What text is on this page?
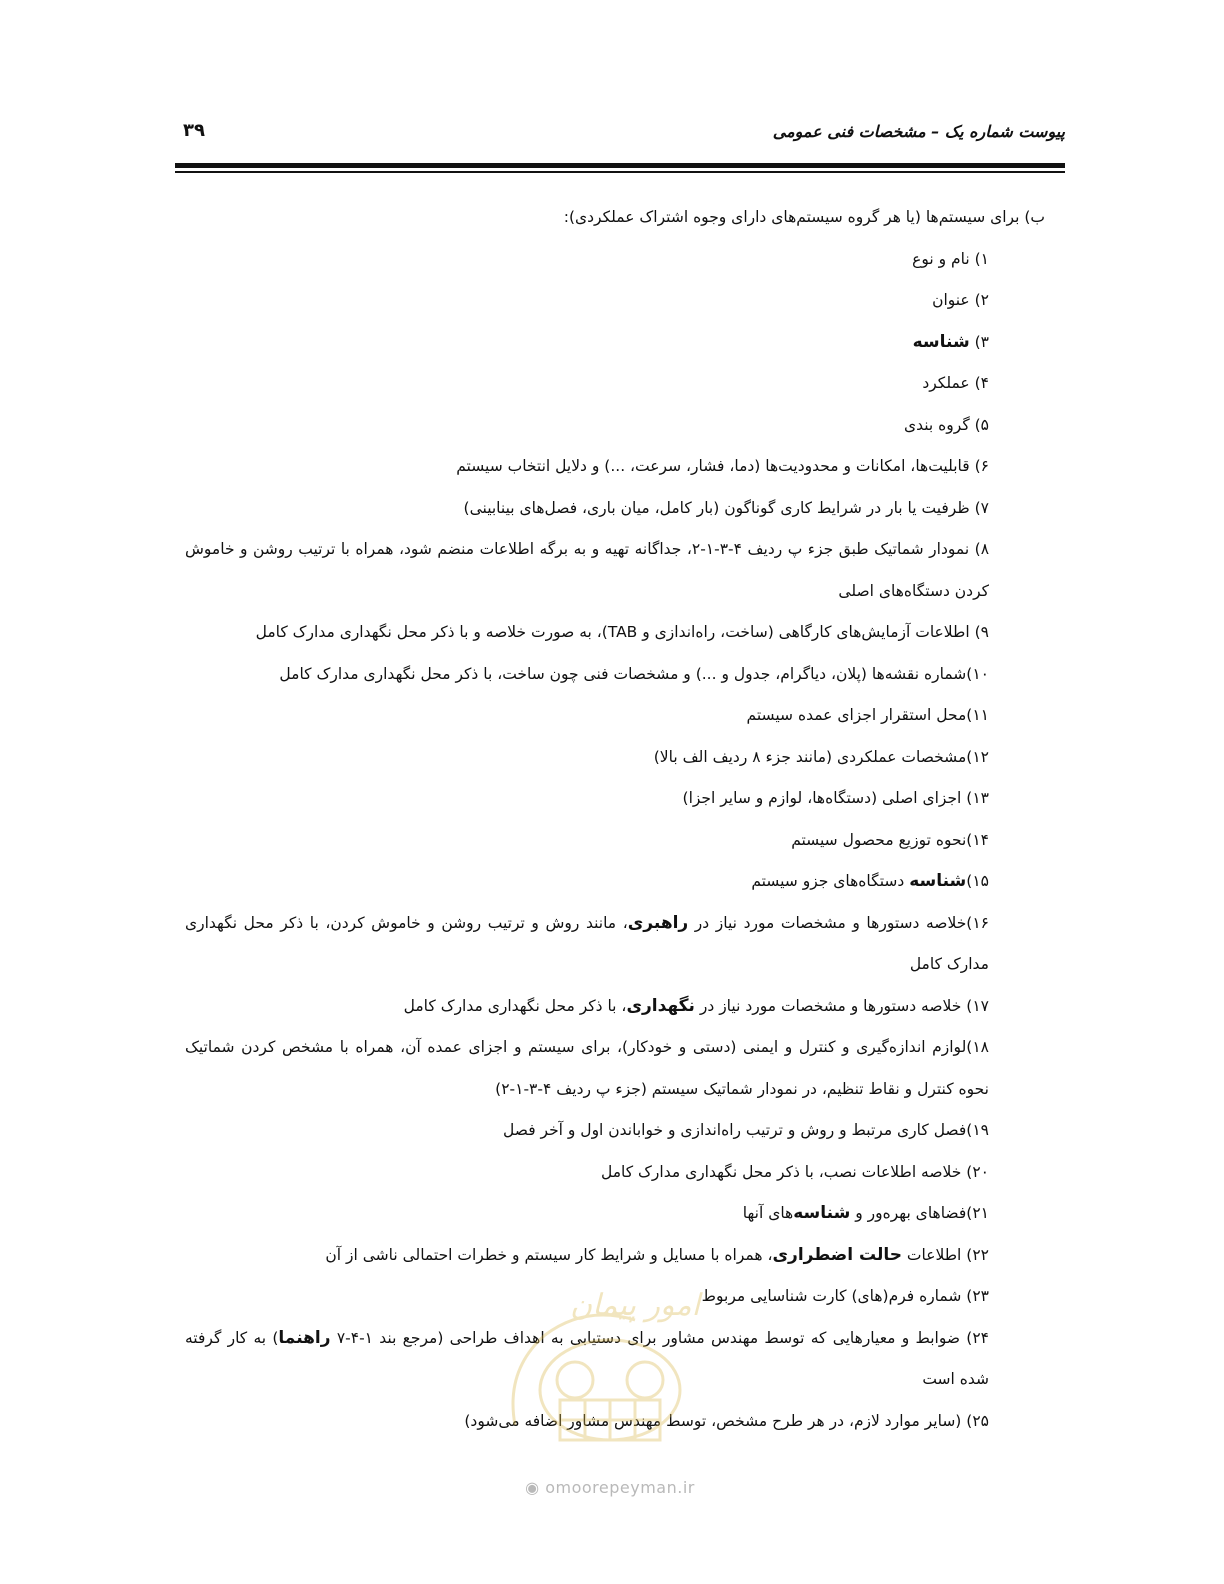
پیوست شماره یک – مشخصات فنی عمومی
۳۹

ب) برای سیستم‌ها (یا هر گروه سیستم‌های دارای وجوه اشتراک عملکردی):

۱) نام و نوع

۲) عنوان

۳) شناسه

۴) عملکرد

۵) گروه بندی

۶) قابلیت‌ها، امکانات و محدودیت‌ها (دما، فشار، سرعت، ...) و دلایل انتخاب سیستم

۷) ظرفیت یا بار در شرایط کاری گوناگون (بار کامل، میان باری، فصل‌های بینابینی)

۸) نمودار شماتیک طبق جزء پ ردیف ۴-۳-۱-۲، جداگانه تهیه و به برگه اطلاعات منضم شود، همراه با ترتیب روشن و خاموش کردن دستگاه‌های اصلی

۹) اطلاعات آزمایش‌های کارگاهی (ساخت، راه‌اندازی و TAB)، به صورت خلاصه و با ذکر محل نگهداری مدارک کامل

۱۰)شماره نقشه‌ها (پلان، دیاگرام، جدول و ...) و مشخصات فنی چون ساخت، با ذکر محل نگهداری مدارک کامل

۱۱)محل استقرار اجزای عمده سیستم

۱۲)مشخصات عملکردی (مانند جزء ۸ ردیف الف بالا)

۱۳) اجزای اصلی (دستگاه‌ها، لوازم و سایر اجزا)

۱۴)نحوه توزیع محصول سیستم

۱۵)شناسه دستگاه‌های جزو سیستم

۱۶)خلاصه دستورها و مشخصات مورد نیاز در راهبری، مانند روش و ترتیب روشن و خاموش کردن، با ذکر محل نگهداری مدارک کامل

۱۷) خلاصه دستورها و مشخصات مورد نیاز در نگهداری، با ذکر محل نگهداری مدارک کامل

۱۸)لوازم اندازه‌گیری و کنترل و ایمنی (دستی و خودکار)، برای سیستم و اجزای عمده آن، همراه با مشخص کردن شماتیک نحوه کنترل و نقاط تنظیم، در نمودار شماتیک سیستم (جزء پ ردیف ۴-۳-۱-۲)

۱۹)فصل کاری مرتبط و روش و ترتیب راه‌اندازی و خواباندن اول و آخر فصل

۲۰) خلاصه اطلاعات نصب، با ذکر محل نگهداری مدارک کامل

۲۱)فضاهای بهره‌ور و شناسه‌های آنها

۲۲) اطلاعات حالت اضطراری، همراه با مسایل و شرایط کار سیستم و خطرات احتمالی ناشی از آن

۲۳) شماره فرم(های) کارت شناسایی مربوط

۲۴) ضوابط و معیارهایی که توسط مهندس مشاور برای دستیابی به اهداف طراحی (مرجع بند ۱-۴-۷ راهنما) به کار گرفته شده است

۲۵) (سایر موارد لازم، در هر طرح مشخص، توسط مهندس مشاور اضافه می‌شود)

امور پیمان
◉ omoorepeyman.ir
